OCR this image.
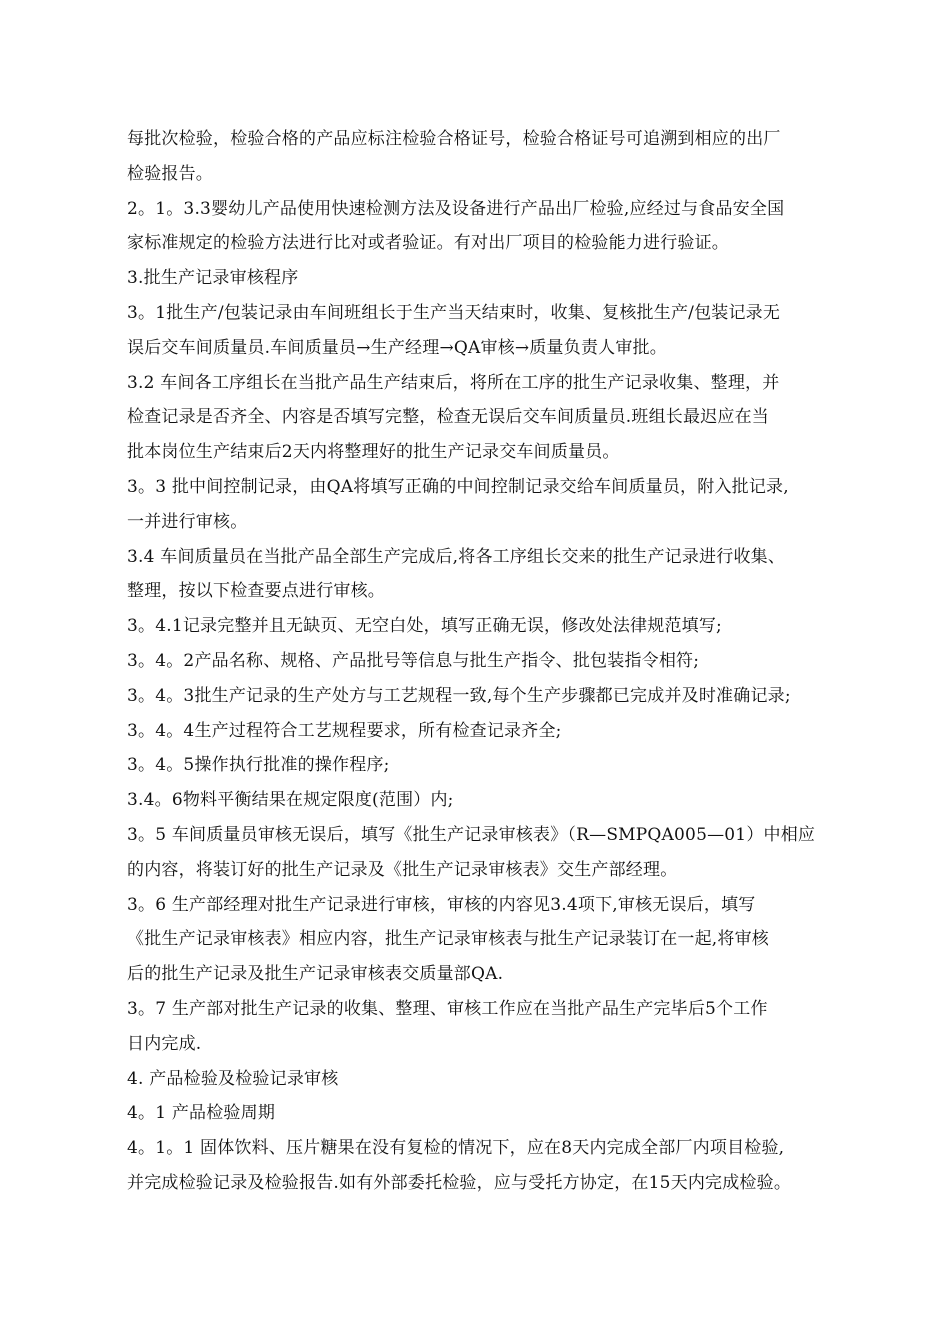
每批次检验，检验合格的产品应标注检验合格证号，检验合格证号可追溯到相应的出厂
检验报告。
2。1。3.3婴幼儿产品使用快速检测方法及设备进行产品出厂检验,应经过与食品安全国
家标准规定的检验方法进行比对或者验证。有对出厂项目的检验能力进行验证。
3.批生产记录审核程序
3。1批生产/包装记录由车间班组长于生产当天结束时，收集、复核批生产/包装记录无
误后交车间质量员.车间质量员→生产经理→QA审核→质量负责人审批。
3.2 车间各工序组长在当批产品生产结束后，将所在工序的批生产记录收集、整理，并
检查记录是否齐全、内容是否填写完整，检查无误后交车间质量员.班组长最迟应在当
批本岗位生产结束后2天内将整理好的批生产记录交车间质量员。
3。3 批中间控制记录，由QA将填写正确的中间控制记录交给车间质量员，附入批记录,
一并进行审核。
3.4 车间质量员在当批产品全部生产完成后,将各工序组长交来的批生产记录进行收集、
整理，按以下检查要点进行审核。
3。4.1记录完整并且无缺页、无空白处，填写正确无误，修改处法律规范填写;
3。4。2产品名称、规格、产品批号等信息与批生产指令、批包装指令相符;
3。4。3批生产记录的生产处方与工艺规程一致,每个生产步骤都已完成并及时准确记录;
3。4。4生产过程符合工艺规程要求，所有检查记录齐全;
3。4。5操作执行批准的操作程序;
3.4。6物料平衡结果在规定限度(范围）内;
3。5 车间质量员审核无误后，填写《批生产记录审核表》（R—SMPQA005—01）中相应
的内容，将装订好的批生产记录及《批生产记录审核表》交生产部经理。
3。6 生产部经理对批生产记录进行审核，审核的内容见3.4项下,审核无误后，填写
《批生产记录审核表》相应内容，批生产记录审核表与批生产记录装订在一起,将审核
后的批生产记录及批生产记录审核表交质量部QA.
3。7 生产部对批生产记录的收集、整理、审核工作应在当批产品生产完毕后5个工作
日内完成.
4. 产品检验及检验记录审核
4。1 产品检验周期
4。1。1 固体饮料、压片糖果在没有复检的情况下，应在8天内完成全部厂内项目检验,
并完成检验记录及检验报告.如有外部委托检验，应与受托方协定，在15天内完成检验。
